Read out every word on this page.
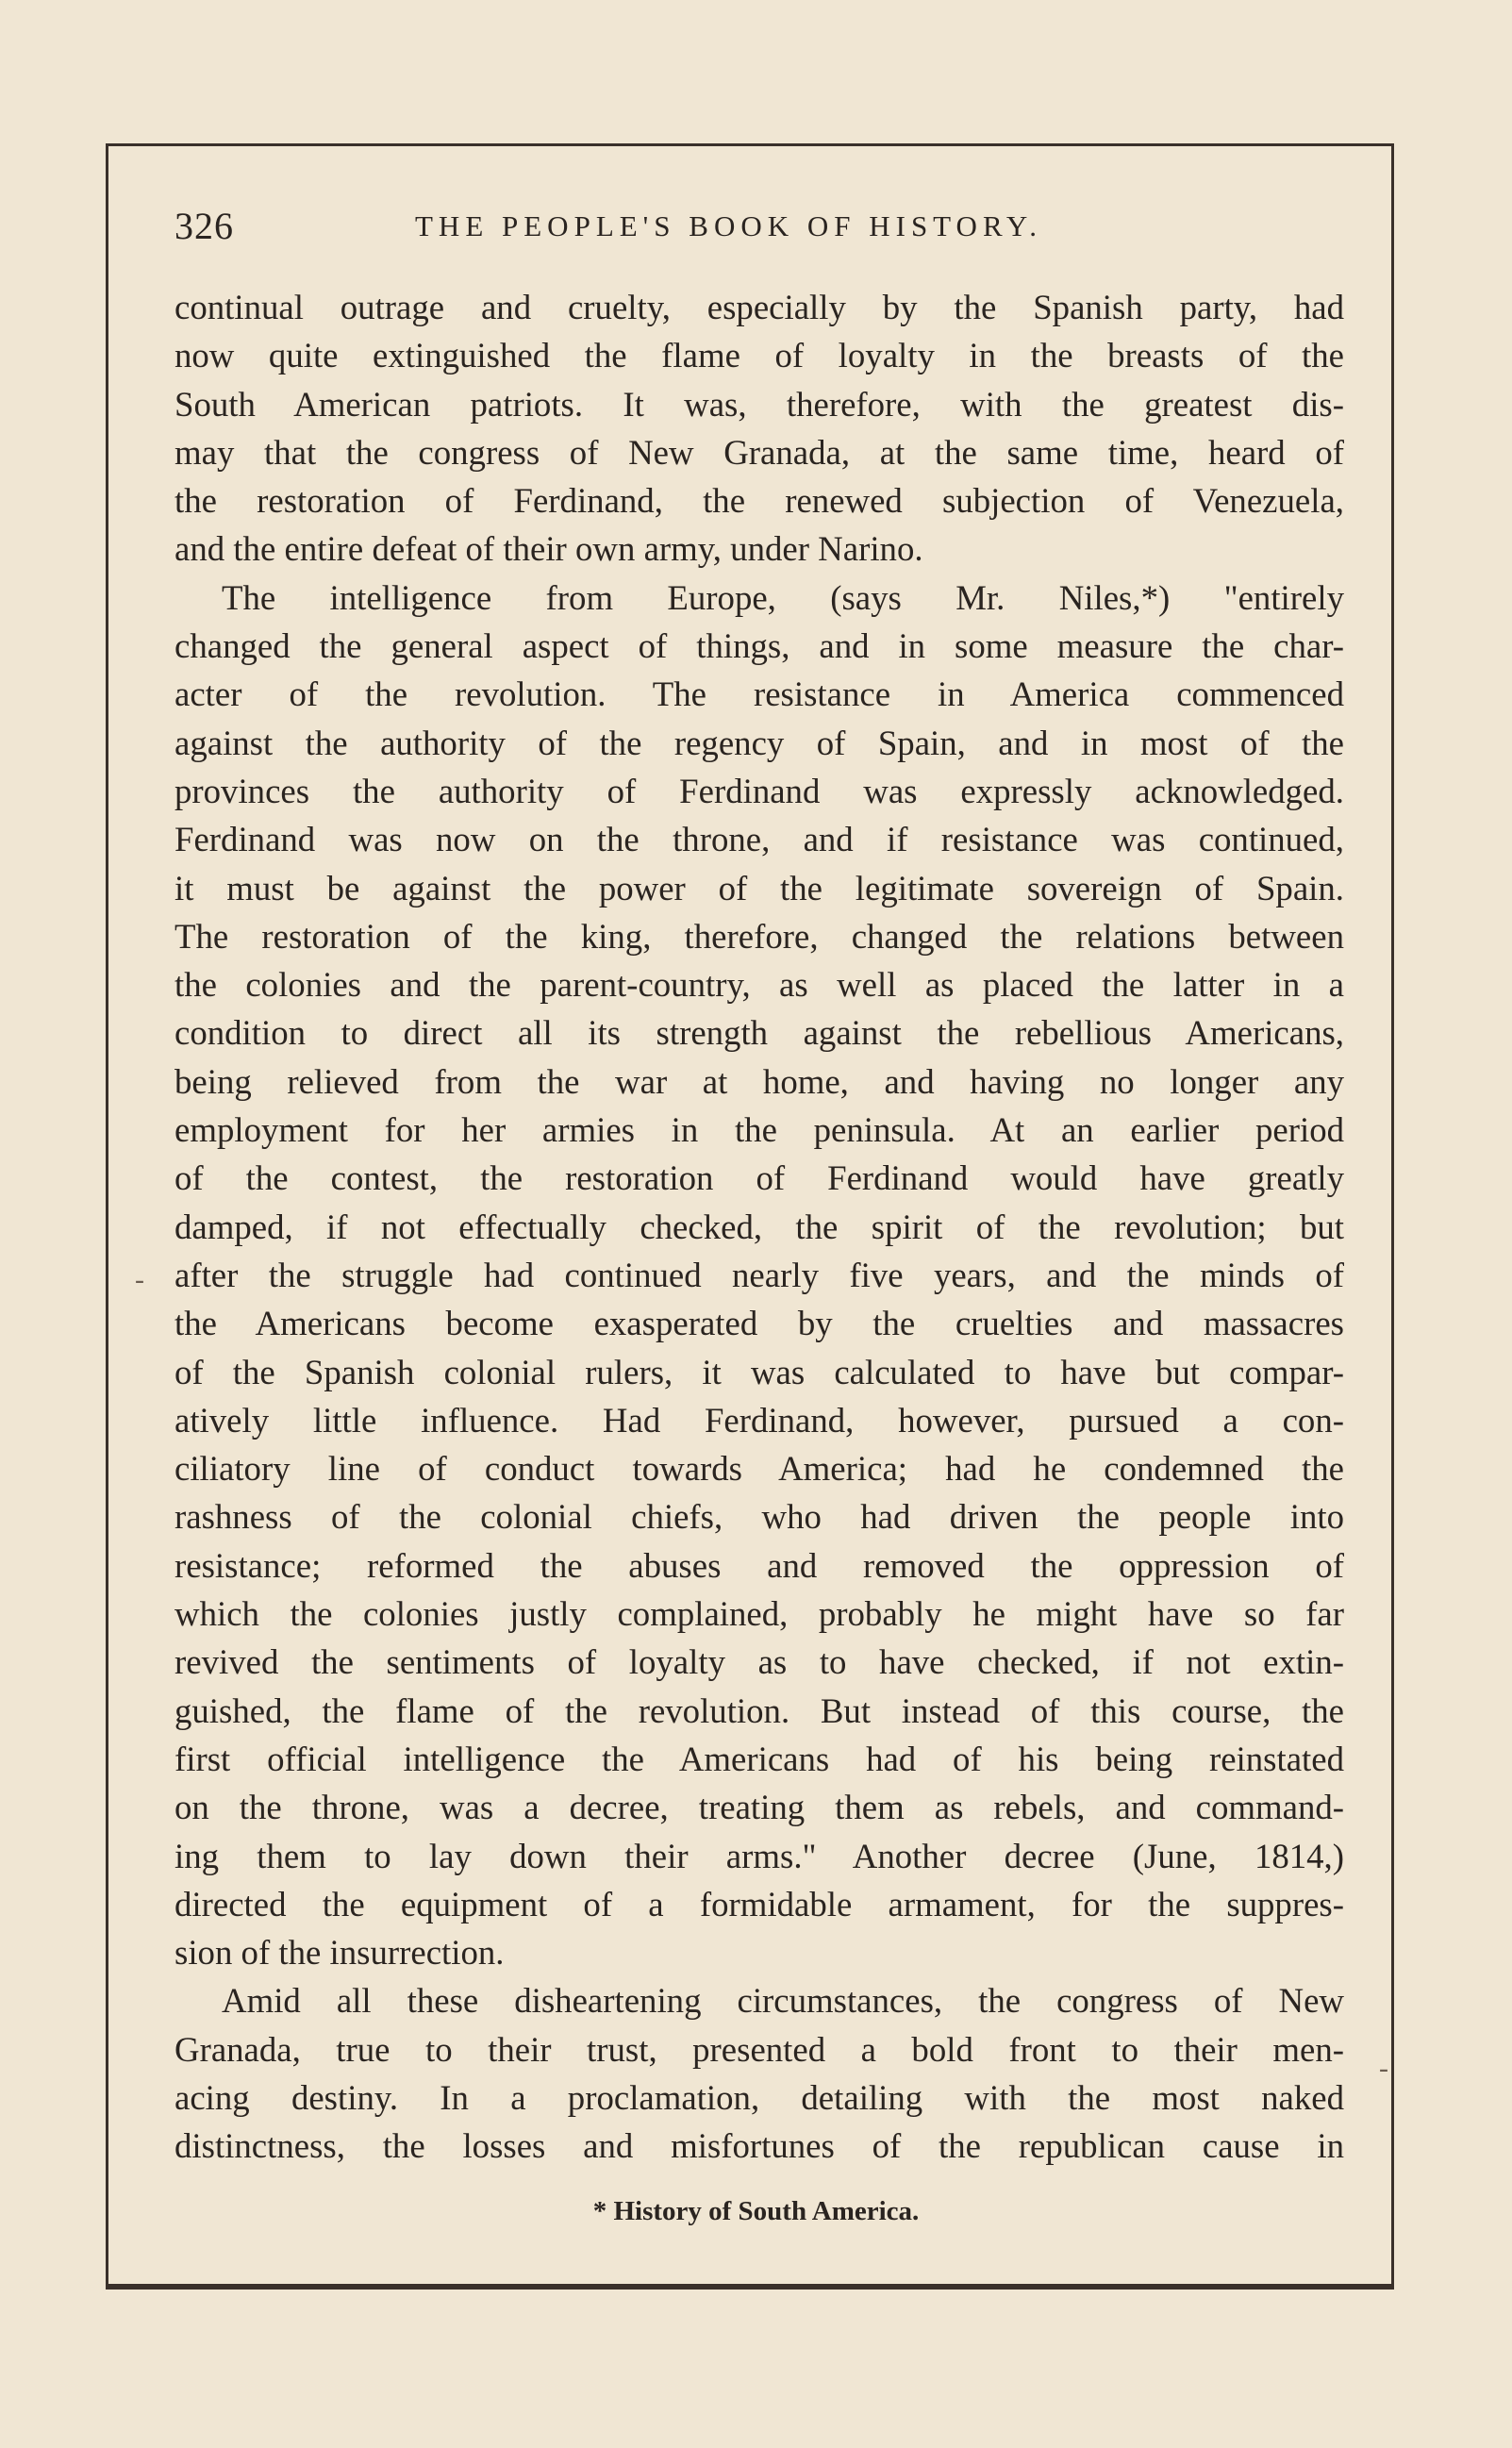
326	THE PEOPLE'S BOOK OF HISTORY.
continual outrage and cruelty, especially by the Spanish party, had
now quite extinguished the flame of loyalty in the breasts of the
South American patriots. It was, therefore, with the greatest dis-
may that the congress of New Granada, at the same time, heard of
the restoration of Ferdinand, the renewed subjection of Venezuela,
and the entire defeat of their own army, under Narino.
The intelligence from Europe, (says Mr. Niles,*) "entirely
changed the general aspect of things, and in some measure the char-
acter of the revolution. The resistance in America commenced
against the authority of the regency of Spain, and in most of the
provinces the authority of Ferdinand was expressly acknowledged.
Ferdinand was now on the throne, and if resistance was continued,
it must be against the power of the legitimate sovereign of Spain.
The restoration of the king, therefore, changed the relations between
the colonies and the parent-country, as well as placed the latter in a
condition to direct all its strength against the rebellious Americans,
being relieved from the war at home, and having no longer any
employment for her armies in the peninsula. At an earlier period
of the contest, the restoration of Ferdinand would have greatly
damped, if not effectually checked, the spirit of the revolution; but
after the struggle had continued nearly five years, and the minds of
the Americans become exasperated by the cruelties and massacres
of the Spanish colonial rulers, it was calculated to have but compar-
atively little influence. Had Ferdinand, however, pursued a con-
ciliatory line of conduct towards America; had he condemned the
rashness of the colonial chiefs, who had driven the people into
resistance; reformed the abuses and removed the oppression of
which the colonies justly complained, probably he might have so far
revived the sentiments of loyalty as to have checked, if not extin-
guished, the flame of the revolution. But instead of this course, the
first official intelligence the Americans had of his being reinstated
on the throne, was a decree, treating them as rebels, and command-
ing them to lay down their arms." Another decree (June, 1814,)
directed the equipment of a formidable armament, for the suppres-
sion of the insurrection.
Amid all these disheartening circumstances, the congress of New
Granada, true to their trust, presented a bold front to their men-
acing destiny. In a proclamation, detailing with the most naked
distinctness, the losses and misfortunes of the republican cause in
* History of South America.
-
-
